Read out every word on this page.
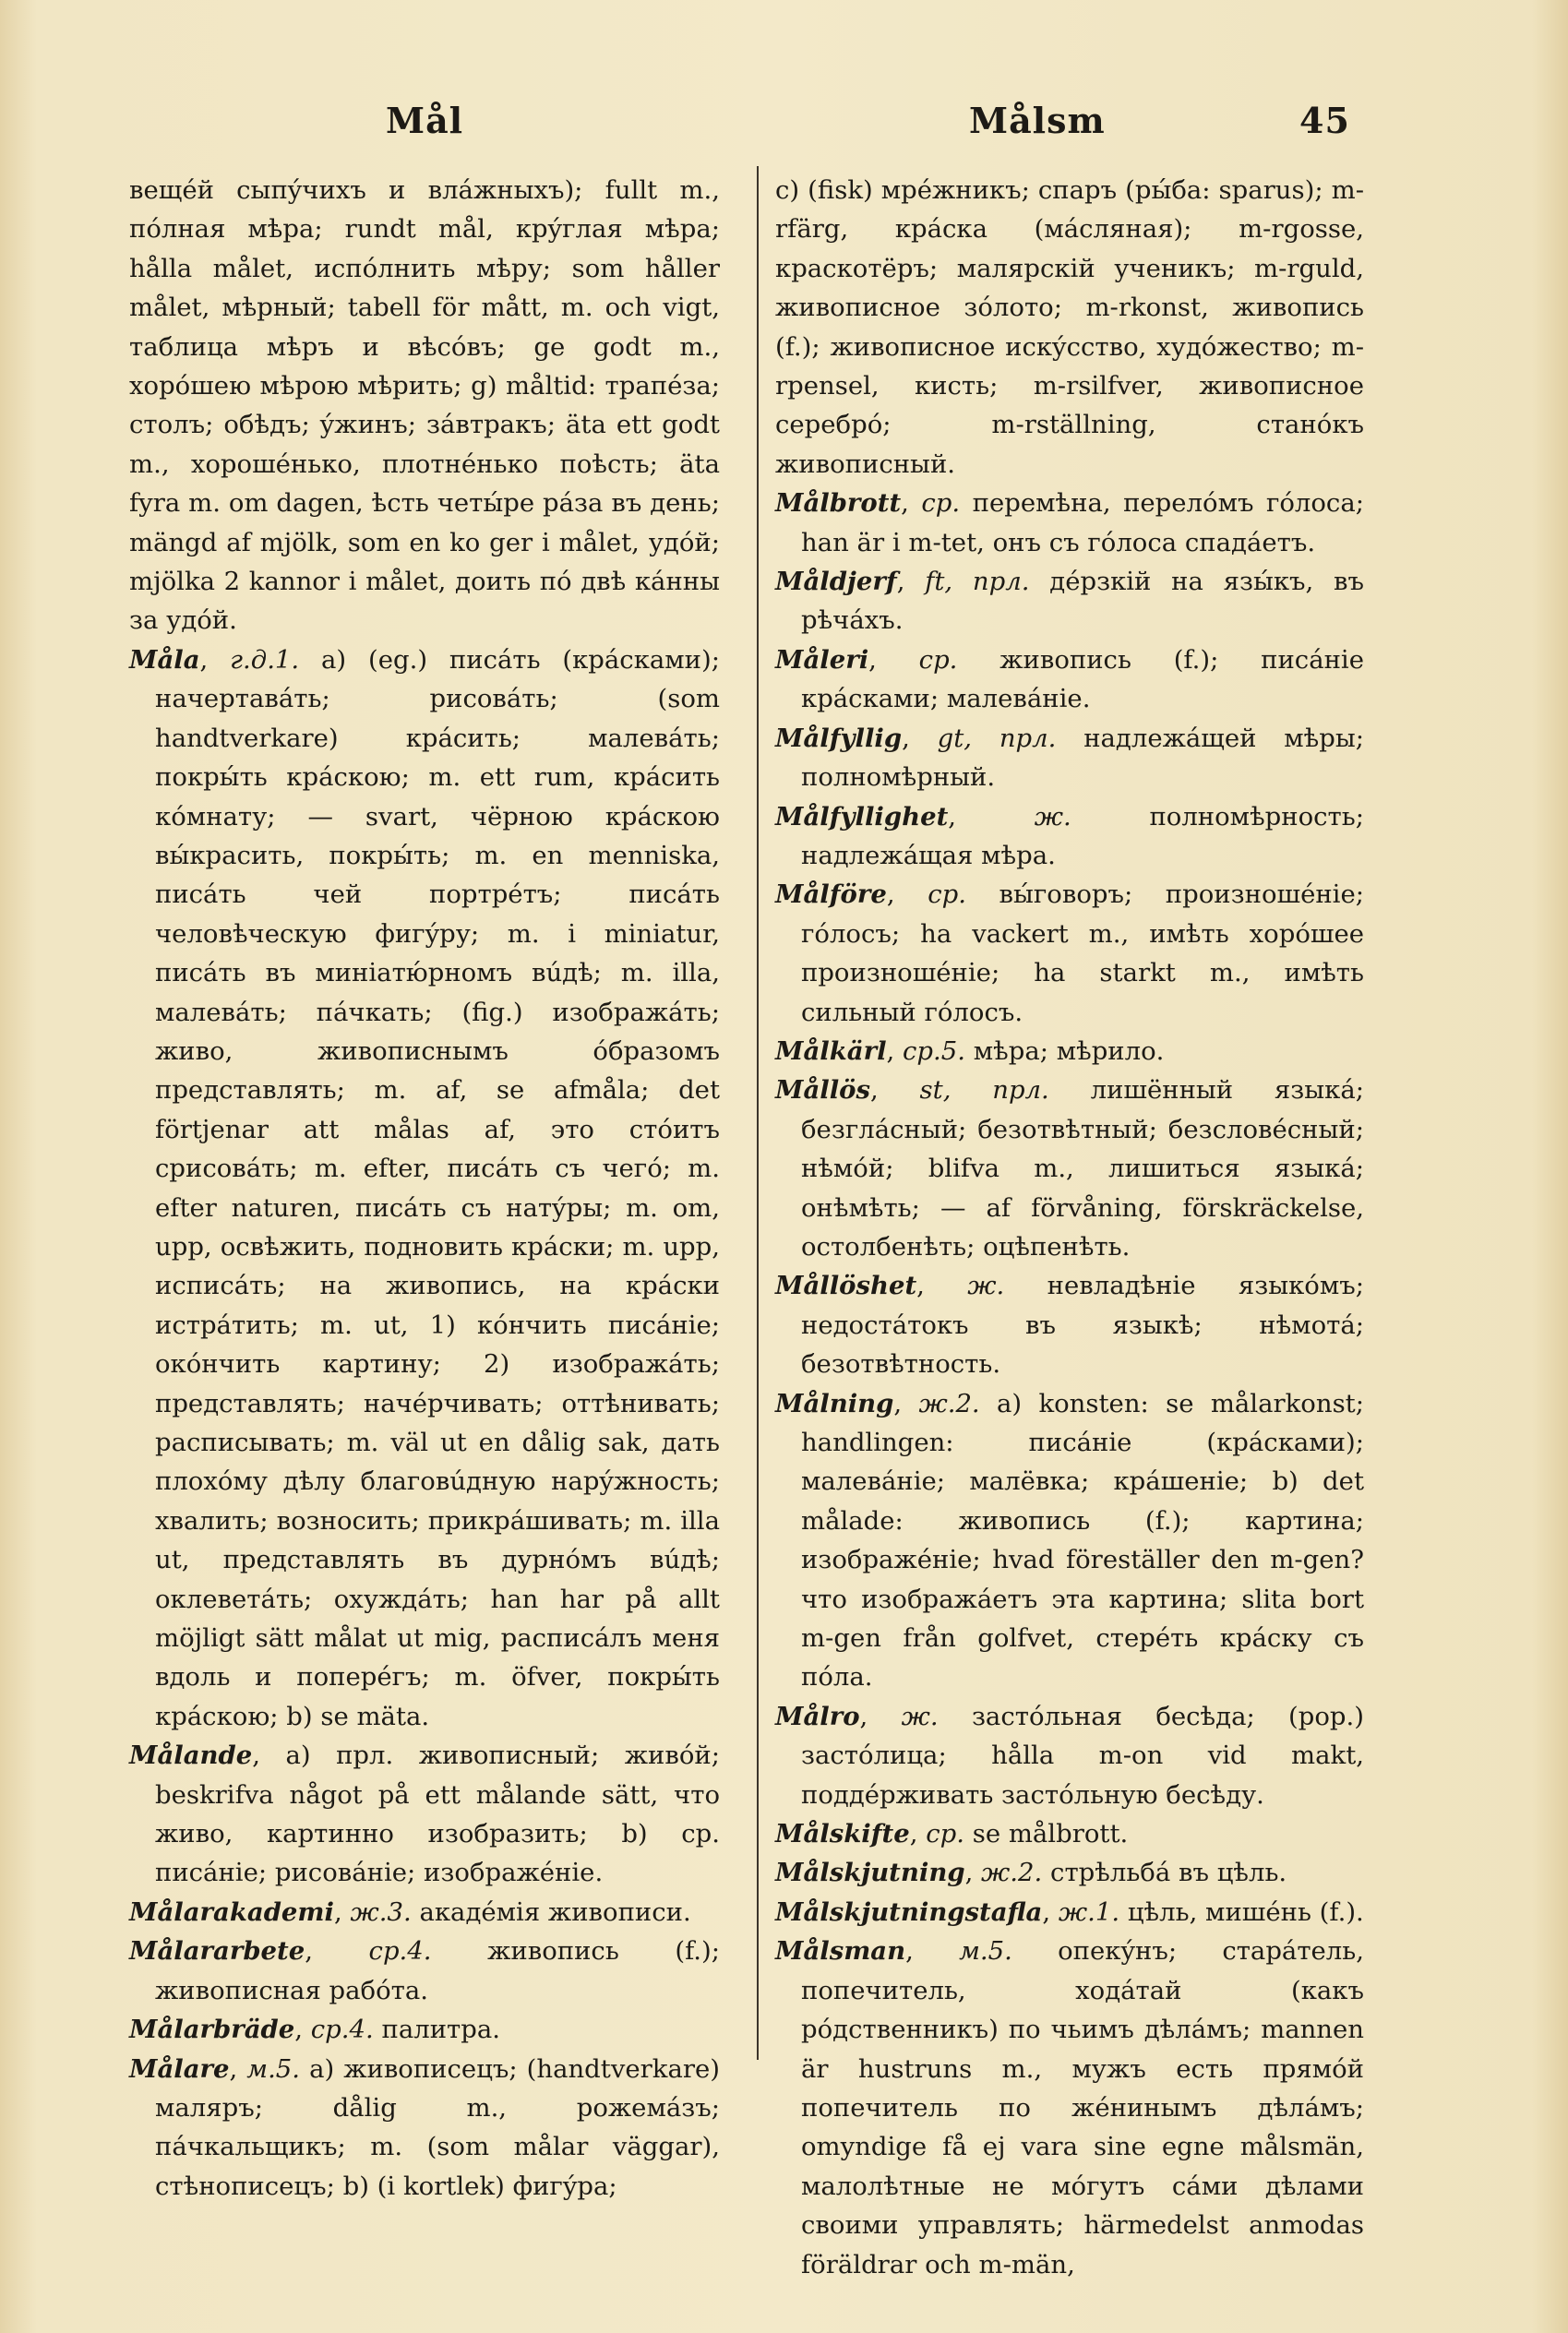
Mål	Målsm	45
вещéй сыпýчихъ и влáжныхъ); fullt m., пóлная мѣра; rundt mål, крýглая мѣра; hålla målet, испóлнить мѣру; som håller målet, мѣрный; tabell för mått, m. och vigt, таблица мѣръ и вѣсóвъ; ge godt m., хорóшею мѣрою мѣрить; g) måltid: трапéза; столъ; обѣдъ; ýжинъ; зáвтракъ; äta ett godt m., хорошéнько, плотнéнько поѣсть; äta fyra m. om dagen, ѣсть четы́ре рáза въ день; mängd af mjölk, som en ko ger i målet, удóй; mjölka 2 kannor i målet, доить пó двѣ кáнны за удóй.
Måla, г.д.1. а) (eg.) писáть (крáсками); начертавáть; рисовáть; (som handtverkare) крáсить; малевáть; покры́ть крáскою; m. ett rum, крáсить кóмнату; — svart, чёрною крáскою вы́красить, покры́ть; m. en menniska, писáть чей портрéтъ; писáть человѣческую фигýру; m. i miniatur, писáть въ миніатю́рномъ вúдѣ; m. illa, малевáть; пáчкать; (fig.) изображáть; живо, живописнымъ óбразомъ представлять; m. af, se afmåla; det förtjenar att målas af, это стóитъ срисовáть; m. efter, писáть съ чегó; m. efter naturen, писáть съ натýры; m. om, upp, освѣжить, подновить крáски; m. upp, исписáть; на живопись, на крáски истрáтить; m. ut, 1) кóнчить писáніе; окóнчить картину; 2) изображáть; представлять; начéрчивать; оттѣнивать; расписывать; m. väl ut en dålig sak, дать плохóму дѣлу благовúдную нарýжность; хвалить; возносить; прикрáшивать; m. illa ut, представлять въ дурнóмъ вúдѣ; оклеветáть; охуждáть; han har på allt möjligt sätt målat ut mig, расписáлъ меня вдоль и поперéгъ; m. öfver, покры́ть крáскою; b) se mäta.
Målande, а) прл. живописный; живóй; beskrifva något på ett målande sätt, что живо, картинно изобразить; b) ср. писáніе; рисовáніе; изображéніе.
Målarakademi, ж.3. акадéмія живописи.
Målararbete, ср.4. живопись (f.); живописная рабóта.
Målarbräde, ср.4. палитра.
Målare, м.5. а) живописецъ; (handtverkare) маляръ; dålig m., рожемáзъ; пáчкальщикъ; m. (som målar väggar), стѣнописецъ; b) (i kortlek) фигýра;
c) (fisk) мрéжникъ; спаръ (ры́ба: sparus); m-rfärg, крáска (мáсляная); m-rgosse, краскотёръ; малярскій ученикъ; m-rguld, живописное зóлото; m-rkonst, живопись (f.); живописное искýсство, худóжество; m-rpensel, кисть; m-rsilfver, живописное серебрó; m-rställning, станóкъ живописный.
Målbrott, ср. перемѣна, перелóмъ гóлоса; han är i m-tet, онъ съ гóлоса спадáетъ.
Måldjerf, ft, прл. дéрзкій на язы́къ, въ рѣчáхъ.
Måleri, ср. живопись (f.); писáніе крáсками; малевáніе.
Målfyllig, gt, прл. надлежáщей мѣры; полномѣрный.
Målfyllighet, ж.	полномѣрность; надлежáщая мѣра.
Målföre, ср. вы́говоръ; произношéніе; гóлосъ; ha vackert m., имѣть хорóшее произношéніе; ha starkt m., имѣть сильный гóлосъ.
Målkärl, ср.5. мѣра; мѣрило.
Mållös, st, прл. лишённый языкá; безглáсный; безотвѣтный; безсловéсный; нѣмóй; blifva m., лишиться языкá; онѣмѣть; — af förvåning, förskräckelse, остолбенѣть; оцѣпенѣть.
Mållöshet, ж. невладѣніе языкóмъ; недостáтокъ въ языкѣ; нѣмотá; безотвѣтность.
Målning, ж.2. а) konsten: se målarkonst; handlingen: писáніе (крáсками); малевáніе; малёвка; крáшеніе; b) det målade: живопись (f.); картина; изображéніе; hvad föreställer den m-gen? что изображáетъ эта картина; slita bort m-gen från golfvet, стерéть крáску съ пóла.
Målro, ж. застóльная бесѣда; (рор.) застóлица; hålla m-on vid makt, поддéрживать застóльную бесѣду.
Målskifte, ср. se målbrott.
Målskjutning, ж.2. стрѣльбá въ цѣль.
Målskjutningstafla, ж.1. цѣль, мишéнь (f.).
Målsman, м.5. опекýнъ; старáтель, попечитель, ходáтай (какъ рóдственникъ) по чьимъ дѣлáмъ; mannen är hustruns m., мужъ есть прямóй попечитель по жéнинымъ дѣлáмъ; omyndige få ej vara sine egne målsmän, малолѣтные не мóгутъ сáми дѣлами своими управлять; härmedelst anmodas föräldrar och m-män,
